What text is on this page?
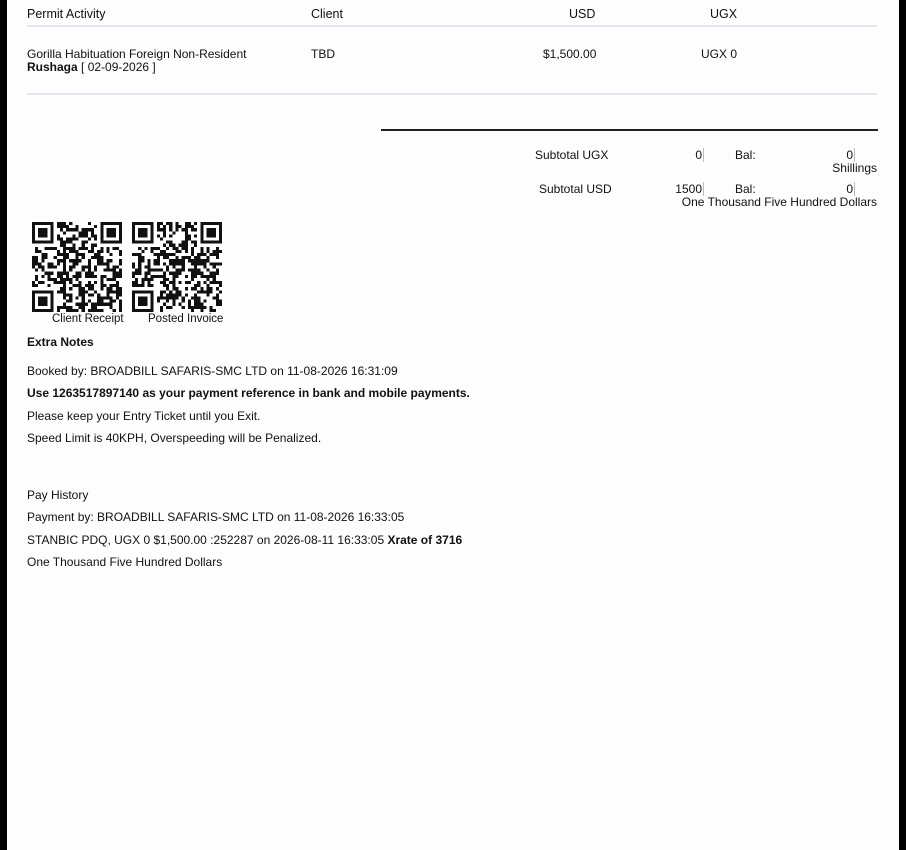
Permit Activity	Client	USD	UGX
Gorilla Habituation Foreign Non-Resident
Rushaga [ 02-09-2026 ]
TBD	$1,500.00	UGX 0
Subtotal UGX	0	Bal:	0
Shillings
Subtotal USD	1500	Bal:	0
One Thousand Five Hundred Dollars
Client Receipt Posted Invoice
Extra Notes
Booked by: BROADBILL SAFARIS-SMC LTD on 11-08-2026 16:31:09
Use 1263517897140 as your payment reference in bank and mobile payments.
Please keep your Entry Ticket until you Exit.
Speed Limit is 40KPH, Overspeeding will be Penalized.
Pay History
Payment by: BROADBILL SAFARIS-SMC LTD on 11-08-2026 16:33:05
STANBIC PDQ, UGX 0 $1,500.00 :252287 on 2026-08-11 16:33:05 Xrate of 3716
One Thousand Five Hundred Dollars
